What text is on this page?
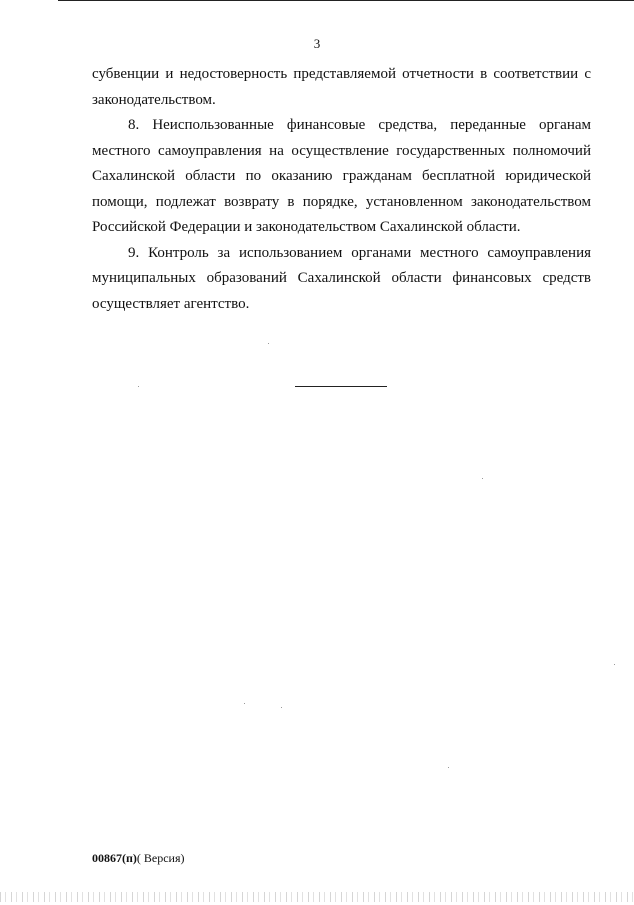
3

субвенции и недостоверность представляемой отчетности в соответствии с законодательством.

8. Неиспользованные финансовые средства, переданные органам местного самоуправления на осуществление государственных полномочий Сахалинской области по оказанию гражданам бесплатной юридической помощи, подлежат возврату в порядке, установленном законодательством Российской Федерации и законодательством Сахалинской области.

9. Контроль за использованием органами местного самоуправления муниципальных образований Сахалинской области финансовых средств осуществляет агентство.

00867(п)( Версия)
